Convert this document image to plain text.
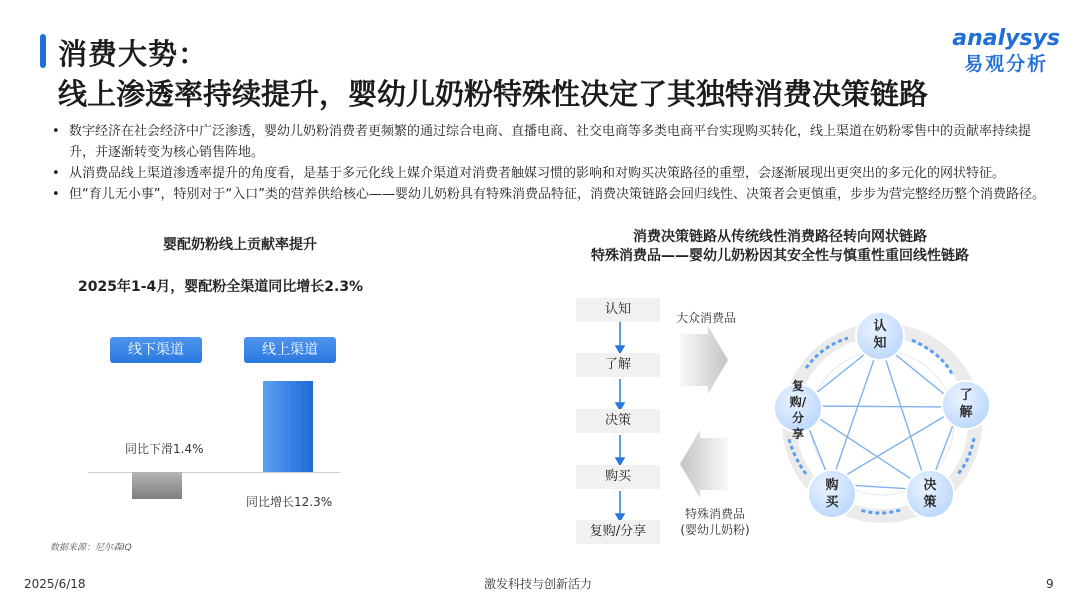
消费大势：
线上渗透率持续提升，婴幼儿奶粉特殊性决定了其独特消费决策链路
analysys
易观分析
• 数字经济在社会经济中广泛渗透，婴幼儿奶粉消费者更频繁的通过综合电商、直播电商、社交电商等多类电商平台实现购买转化，线上渠道在奶粉零售中的贡献率持续提升，并逐渐转变为核心销售阵地。
• 从消费品线上渠道渗透率提升的角度看，是基于多元化线上媒介渠道对消费者触媒习惯的影响和对购买决策路径的重塑，会逐渐展现出更突出的多元化的网状特征。
• 但“育儿无小事”，特别对于“入口”类的营养供给核心——婴幼儿奶粉具有特殊消费品特征，消费决策链路会回归线性、决策者会更慎重，步步为营完整经历整个消费路径。
婴配奶粉线上贡献率提升
2025年1-4月，婴配粉全渠道同比增长2.3%
线下渠道	线上渠道
同比下滑1.4%
同比增长12.3%
数据来源：尼尔森IQ
消费决策链路从传统线性消费路径转向网状链路
特殊消费品——婴幼儿奶粉因其安全性与慎重性重回线性链路
认知
了解
决策
购买
复购/分享
大众消费品
特殊消费品
(婴幼儿奶粉)
认知
了解
决策
购买
复购/分享
2025/6/18	激发科技与创新活力	9
